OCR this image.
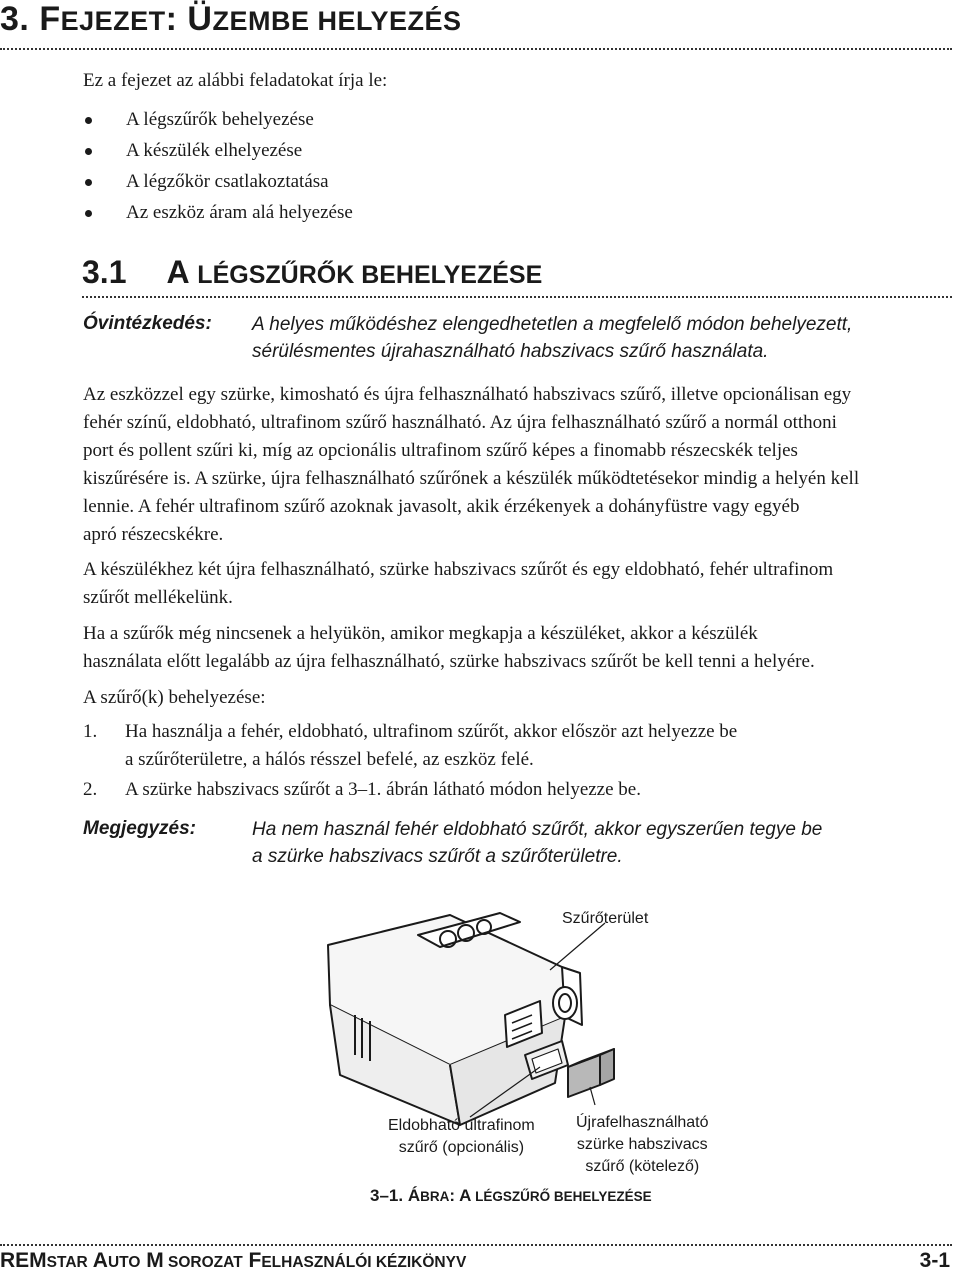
3. FEJEZET: ÜZEMBE HELYEZÉS
Ez a fejezet az alábbi feladatokat írja le:
A légszűrők behelyezése
A készülék elhelyezése
A légzőkör csatlakoztatása
Az eszköz áram alá helyezése
3.1 A LÉGSZŰRŐK BEHELYEZÉSE
Óvintézkedés: A helyes működéshez elengedhetetlen a megfelelő módon behelyezett,
sérülésmentes újrahasználható habszivacs szűrő használata.
Az eszközzel egy szürke, kimosható és újra felhasználható habszivacs szűrő, illetve opcionálisan egy
fehér színű, eldobható, ultrafinom szűrő használható. Az újra felhasználható szűrő a normál otthoni
port és pollent szűri ki, míg az opcionális ultrafinom szűrő képes a finomabb részecskék teljes
kiszűrésére is. A szürke, újra felhasználható szűrőnek a készülék működtetésekor mindig a helyén kell
lennie. A fehér ultrafinom szűrő azoknak javasolt, akik érzékenyek a dohányfüstre vagy egyéb
apró részecskékre.
A készülékhez két újra felhasználható, szürke habszivacs szűrőt és egy eldobható, fehér ultrafinom
szűrőt mellékelünk.
Ha a szűrők még nincsenek a helyükön, amikor megkapja a készüléket, akkor a készülék
használata előtt legalább az újra felhasználható, szürke habszivacs szűrőt be kell tenni a helyére.
A szűrő(k) behelyezése:
1. Ha használja a fehér, eldobható, ultrafinom szűrőt, akkor először azt helyezze be
a szűrőterületre, a hálós résszel befelé, az eszköz felé.
2. A szürke habszivacs szűrőt a 3–1. ábrán látható módon helyezze be.
Megjegyzés:	Ha nem használ fehér eldobható szűrőt, akkor egyszerűen tegye be
a szürke habszivacs szűrőt a szűrőterületre.
Szűrőterület
Eldobható ultrafinom
szűrő (opcionális)
Újrafelhasználható
szürke habszivacs
szűrő (kötelező)
3–1. ÁBRA: A LÉGSZŰRŐ BEHELYEZÉSE
REMSTAR AUTO M SOROZAT FELHASZNÁLÓI KÉZIKÖNYV	3-1
